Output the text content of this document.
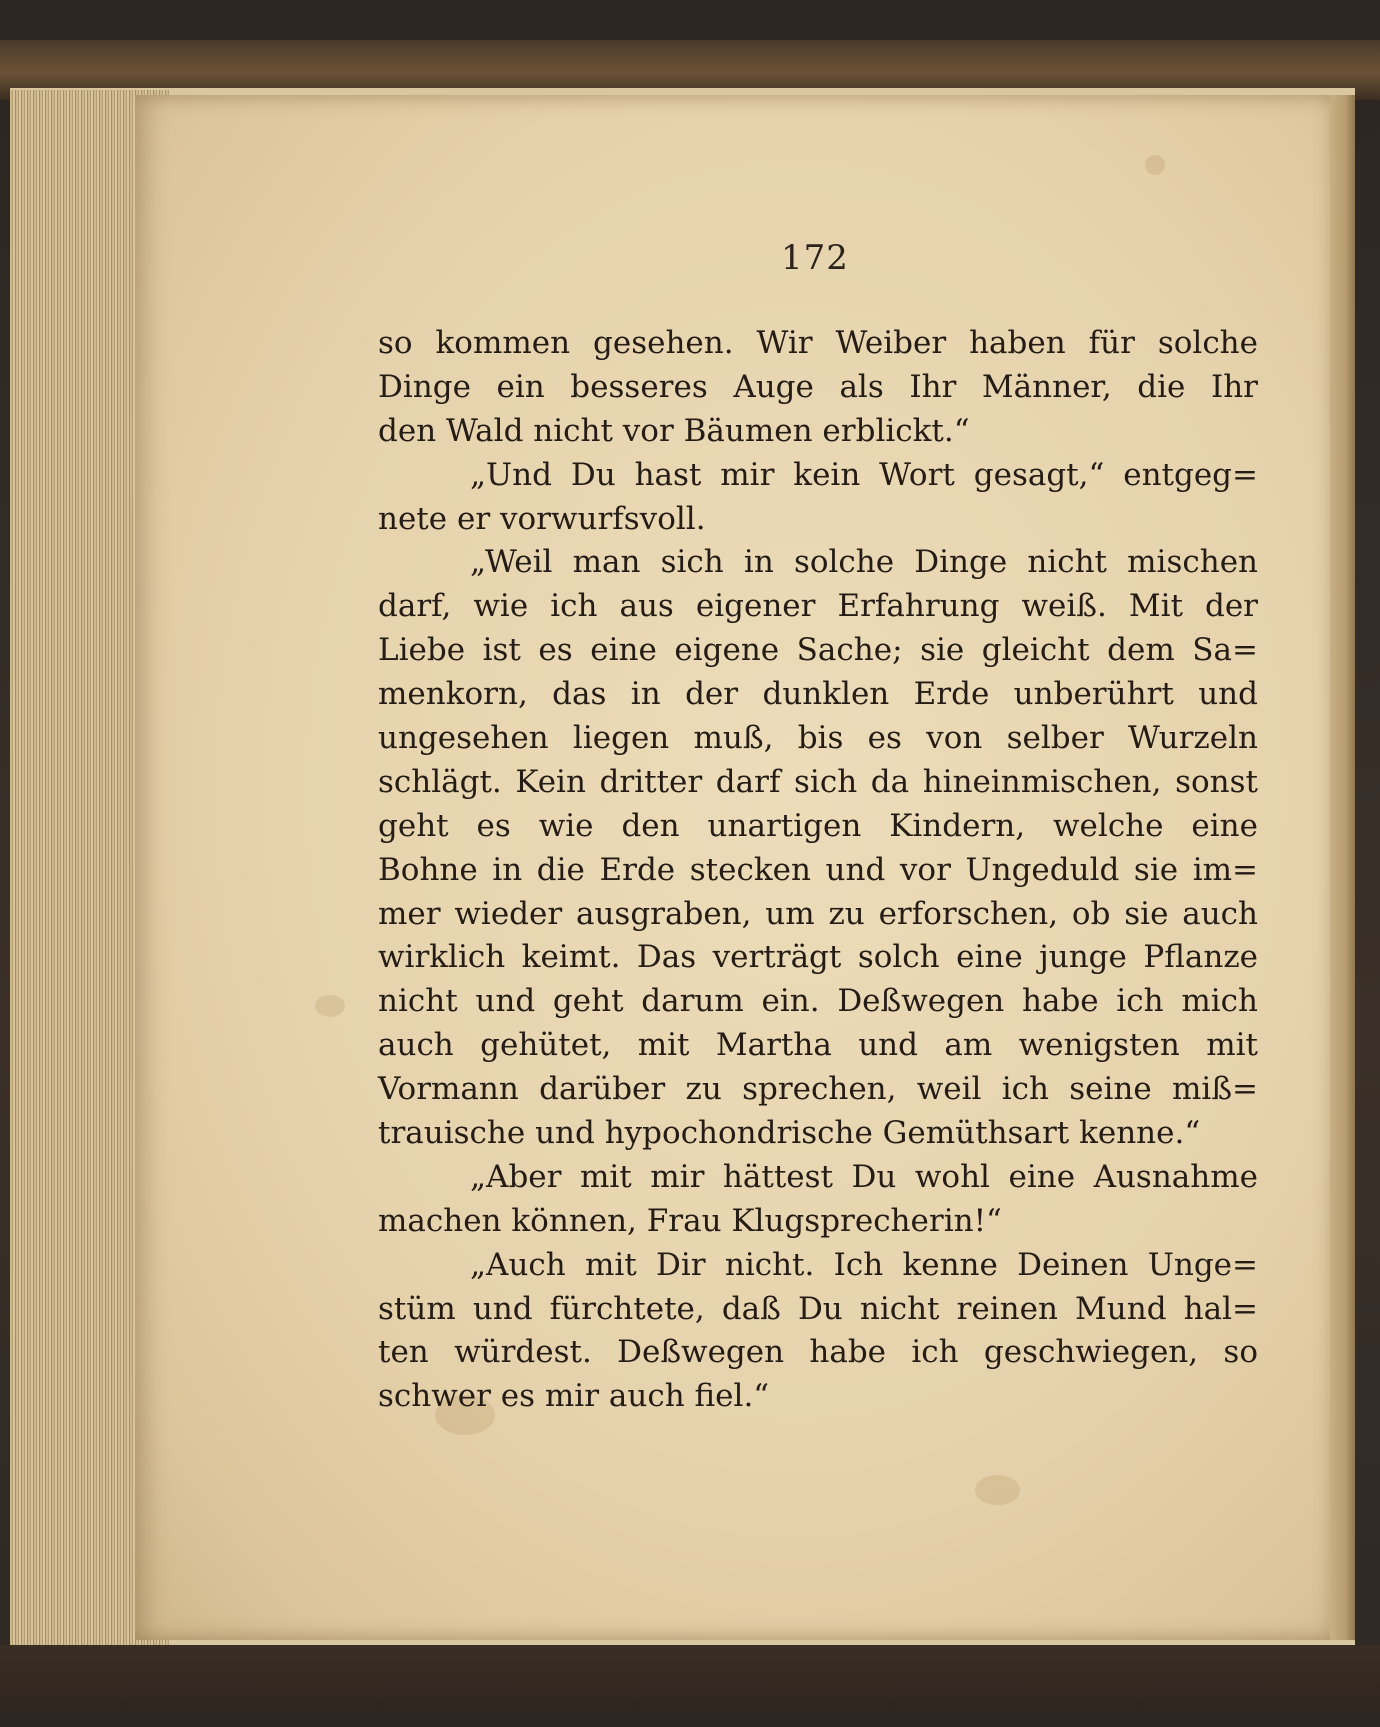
172
so kommen gesehen. Wir Weiber haben für solche
Dinge ein besseres Auge als Ihr Männer, die Ihr
den Wald nicht vor Bäumen erblickt.“
„Und Du hast mir kein Wort gesagt,“ entgeg=
nete er vorwurfsvoll.
„Weil man sich in solche Dinge nicht mischen
darf, wie ich aus eigener Erfahrung weiß. Mit der
Liebe ist es eine eigene Sache; sie gleicht dem Sa=
menkorn, das in der dunklen Erde unberührt und
ungesehen liegen muß, bis es von selber Wurzeln
schlägt. Kein dritter darf sich da hineinmischen, sonst
geht es wie den unartigen Kindern, welche eine
Bohne in die Erde stecken und vor Ungeduld sie im=
mer wieder ausgraben, um zu erforschen, ob sie auch
wirklich keimt. Das verträgt solch eine junge Pflanze
nicht und geht darum ein. Deßwegen habe ich mich
auch gehütet, mit Martha und am wenigsten mit
Vormann darüber zu sprechen, weil ich seine miß=
trauische und hypochondrische Gemüthsart kenne.“
„Aber mit mir hättest Du wohl eine Ausnahme
machen können, Frau Klugsprecherin!“
„Auch mit Dir nicht. Ich kenne Deinen Unge=
stüm und fürchtete, daß Du nicht reinen Mund hal=
ten würdest. Deßwegen habe ich geschwiegen, so
schwer es mir auch fiel.“
